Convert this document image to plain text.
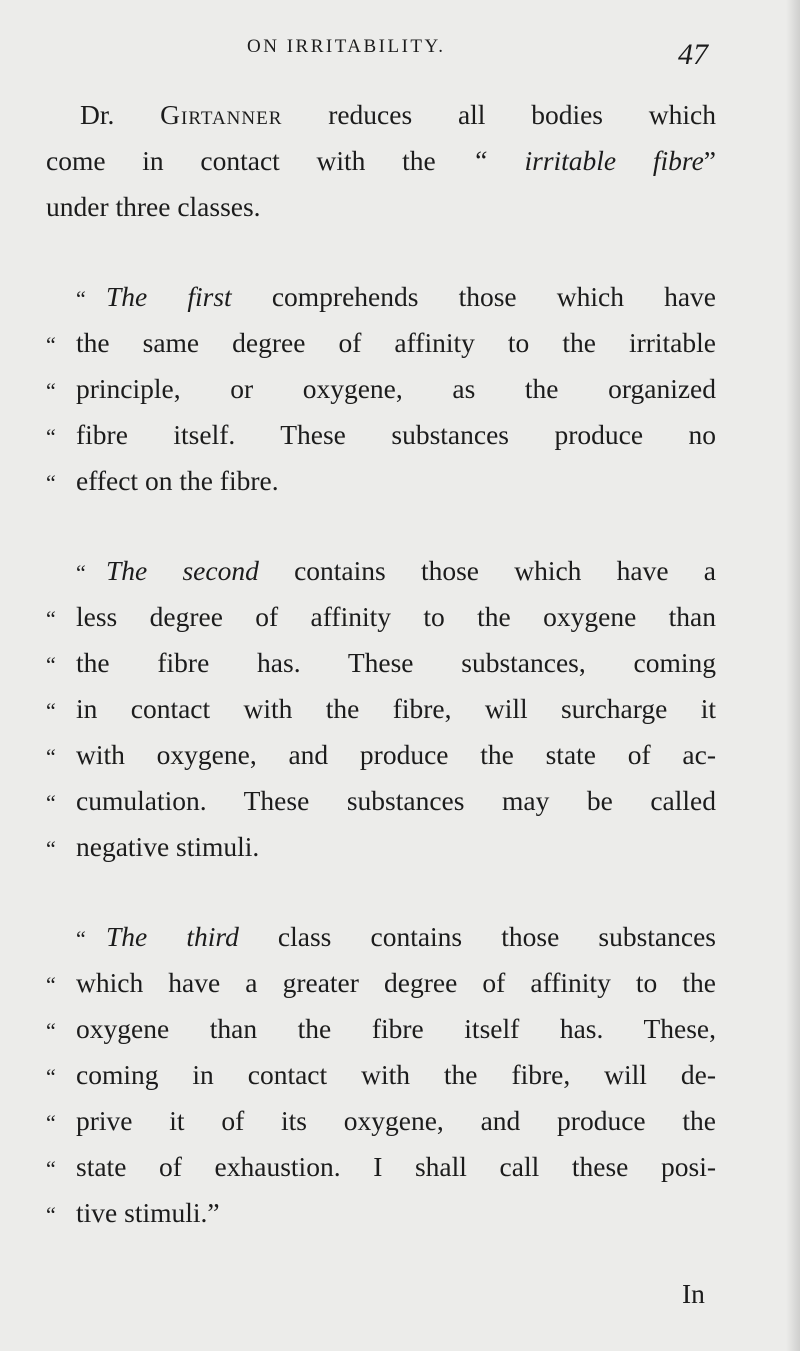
ON IRRITABILITY.	47
Dr. Girtanner reduces all bodies which
come in contact with the “ irritable fibre”
under three classes.
“ The first comprehends those which have
“ the same degree of affinity to the irritable
“ principle, or oxygene, as the organized
“ fibre itself. These substances produce no
“ effect on the fibre.
“ The second contains those which have a
“ less degree of affinity to the oxygene than
“ the fibre has. These substances, coming
“ in contact with the fibre, will surcharge it
“ with oxygene, and produce the state of ac-
“ cumulation. These substances may be called
“ negative stimuli.
“ The third class contains those substances
“ which have a greater degree of affinity to the
“ oxygene than the fibre itself has. These,
“ coming in contact with the fibre, will de-
“ prive it of its oxygene, and produce the
“ state of exhaustion. I shall call these posi-
“ tive stimuli.”
In
